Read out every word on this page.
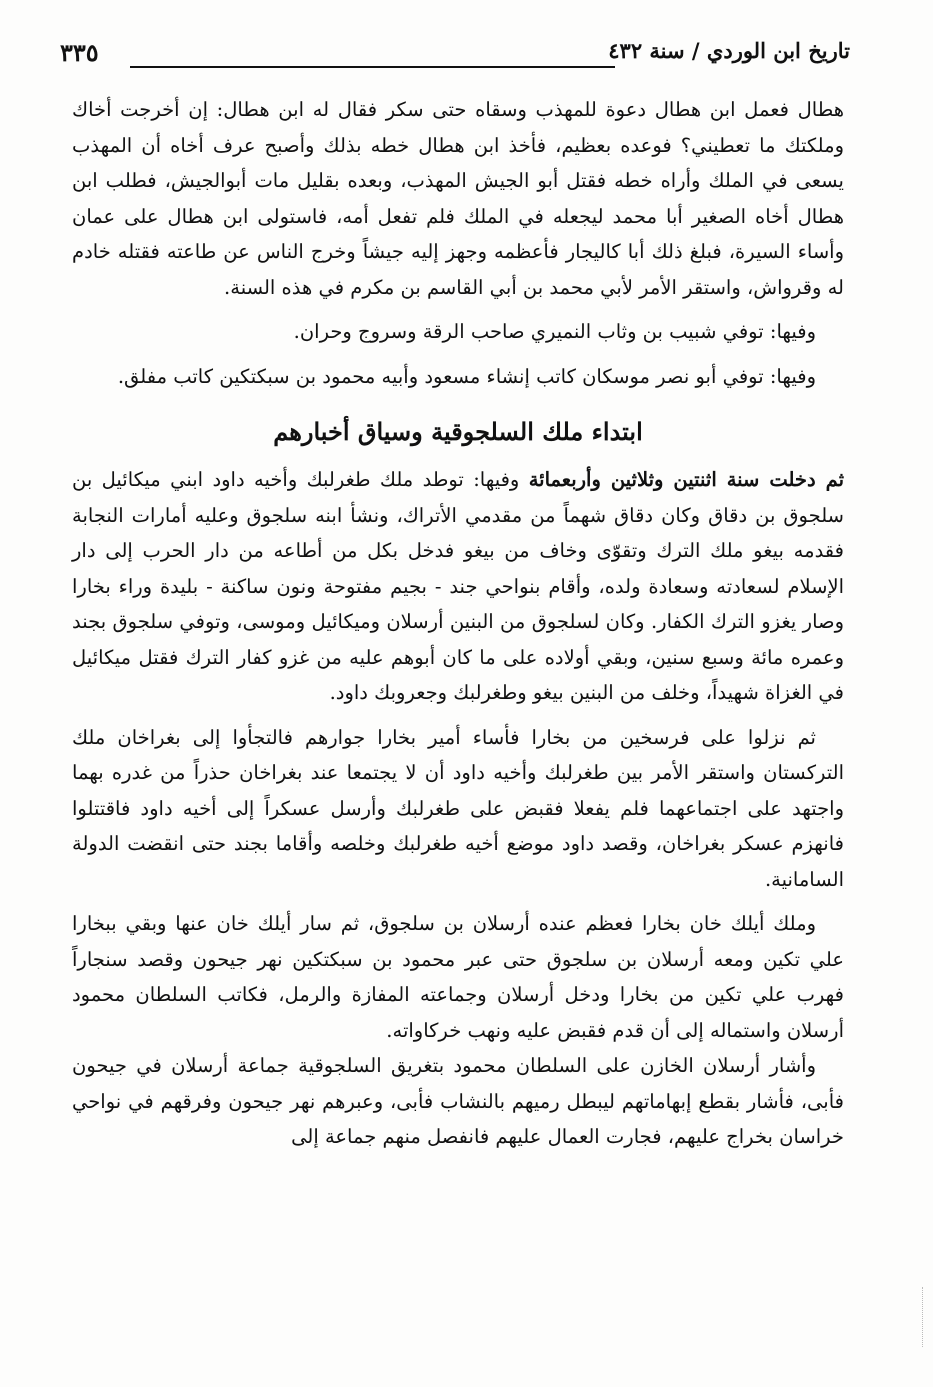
تاريخ ابن الوردي / سنة ٤٣٢
٣٣٥

هطال فعمل ابن هطال دعوة للمهذب وسقاه حتى سكر فقال له ابن هطال: إن أخرجت أخاك وملكتك ما تعطيني؟ فوعده بعظيم، فأخذ ابن هطال خطه بذلك وأصبح عرف أخاه أن المهذب يسعى في الملك وأراه خطه فقتل أبو الجيش المهذب، وبعده بقليل مات أبوالجيش، فطلب ابن هطال أخاه الصغير أبا محمد ليجعله في الملك فلم تفعل أمه، فاستولى ابن هطال على عمان وأساء السيرة، فبلغ ذلك أبا كاليجار فأعظمه وجهز إليه جيشاً وخرج الناس عن طاعته فقتله خادم له وقرواش، واستقر الأمر لأبي محمد بن أبي القاسم بن مكرم في هذه السنة.

وفيها: توفي شبيب بن وثاب النميري صاحب الرقة وسروج وحران.

وفيها: توفي أبو نصر موسكان كاتب إنشاء مسعود وأبيه محمود بن سبكتكين كاتب مفلق.

ابتداء ملك السلجوقية وسياق أخبارهم

ثم دخلت سنة اثنتين وثلاثين وأربعمائة وفيها: توطد ملك طغرلبك وأخيه داود ابني ميكائيل بن سلجوق بن دقاق وكان دقاق شهماً من مقدمي الأتراك، ونشأ ابنه سلجوق وعليه أمارات النجابة فقدمه بيغو ملك الترك وتقوّى وخاف من بيغو فدخل بكل من أطاعه من دار الحرب إلى دار الإسلام لسعادته وسعادة ولده، وأقام بنواحي جند - بجيم مفتوحة ونون ساكنة - بليدة وراء بخارا وصار يغزو الترك الكفار. وكان لسلجوق من البنين أرسلان وميكائيل وموسى، وتوفي سلجوق بجند وعمره مائة وسبع سنين، وبقي أولاده على ما كان أبوهم عليه من غزو كفار الترك فقتل ميكائيل في الغزاة شهيداً، وخلف من البنين بيغو وطغرلبك وجعروبك داود.

ثم نزلوا على فرسخين من بخارا فأساء أمير بخارا جوارهم فالتجأوا إلى بغراخان ملك التركستان واستقر الأمر بين طغرلبك وأخيه داود أن لا يجتمعا عند بغراخان حذراً من غدره بهما واجتهد على اجتماعهما فلم يفعلا فقبض على طغرلبك وأرسل عسكراً إلى أخيه داود فاقتتلوا فانهزم عسكر بغراخان، وقصد داود موضع أخيه طغرلبك وخلصه وأقاما بجند حتى انقضت الدولة السامانية.

وملك أيلك خان بخارا فعظم عنده أرسلان بن سلجوق، ثم سار أيلك خان عنها وبقي ببخارا علي تكين ومعه أرسلان بن سلجوق حتى عبر محمود بن سبكتكين نهر جيحون وقصد سنجاراً فهرب علي تكين من بخارا ودخل أرسلان وجماعته المفازة والرمل، فكاتب السلطان محمود أرسلان واستماله إلى أن قدم فقبض عليه ونهب خركاواته.

وأشار أرسلان الخازن على السلطان محمود بتغريق السلجوقية جماعة أرسلان في جيحون فأبى، فأشار بقطع إبهاماتهم ليبطل رميهم بالنشاب فأبى، وعبرهم نهر جيحون وفرقهم في نواحي خراسان بخراج عليهم، فجارت العمال عليهم فانفصل منهم جماعة إلى
